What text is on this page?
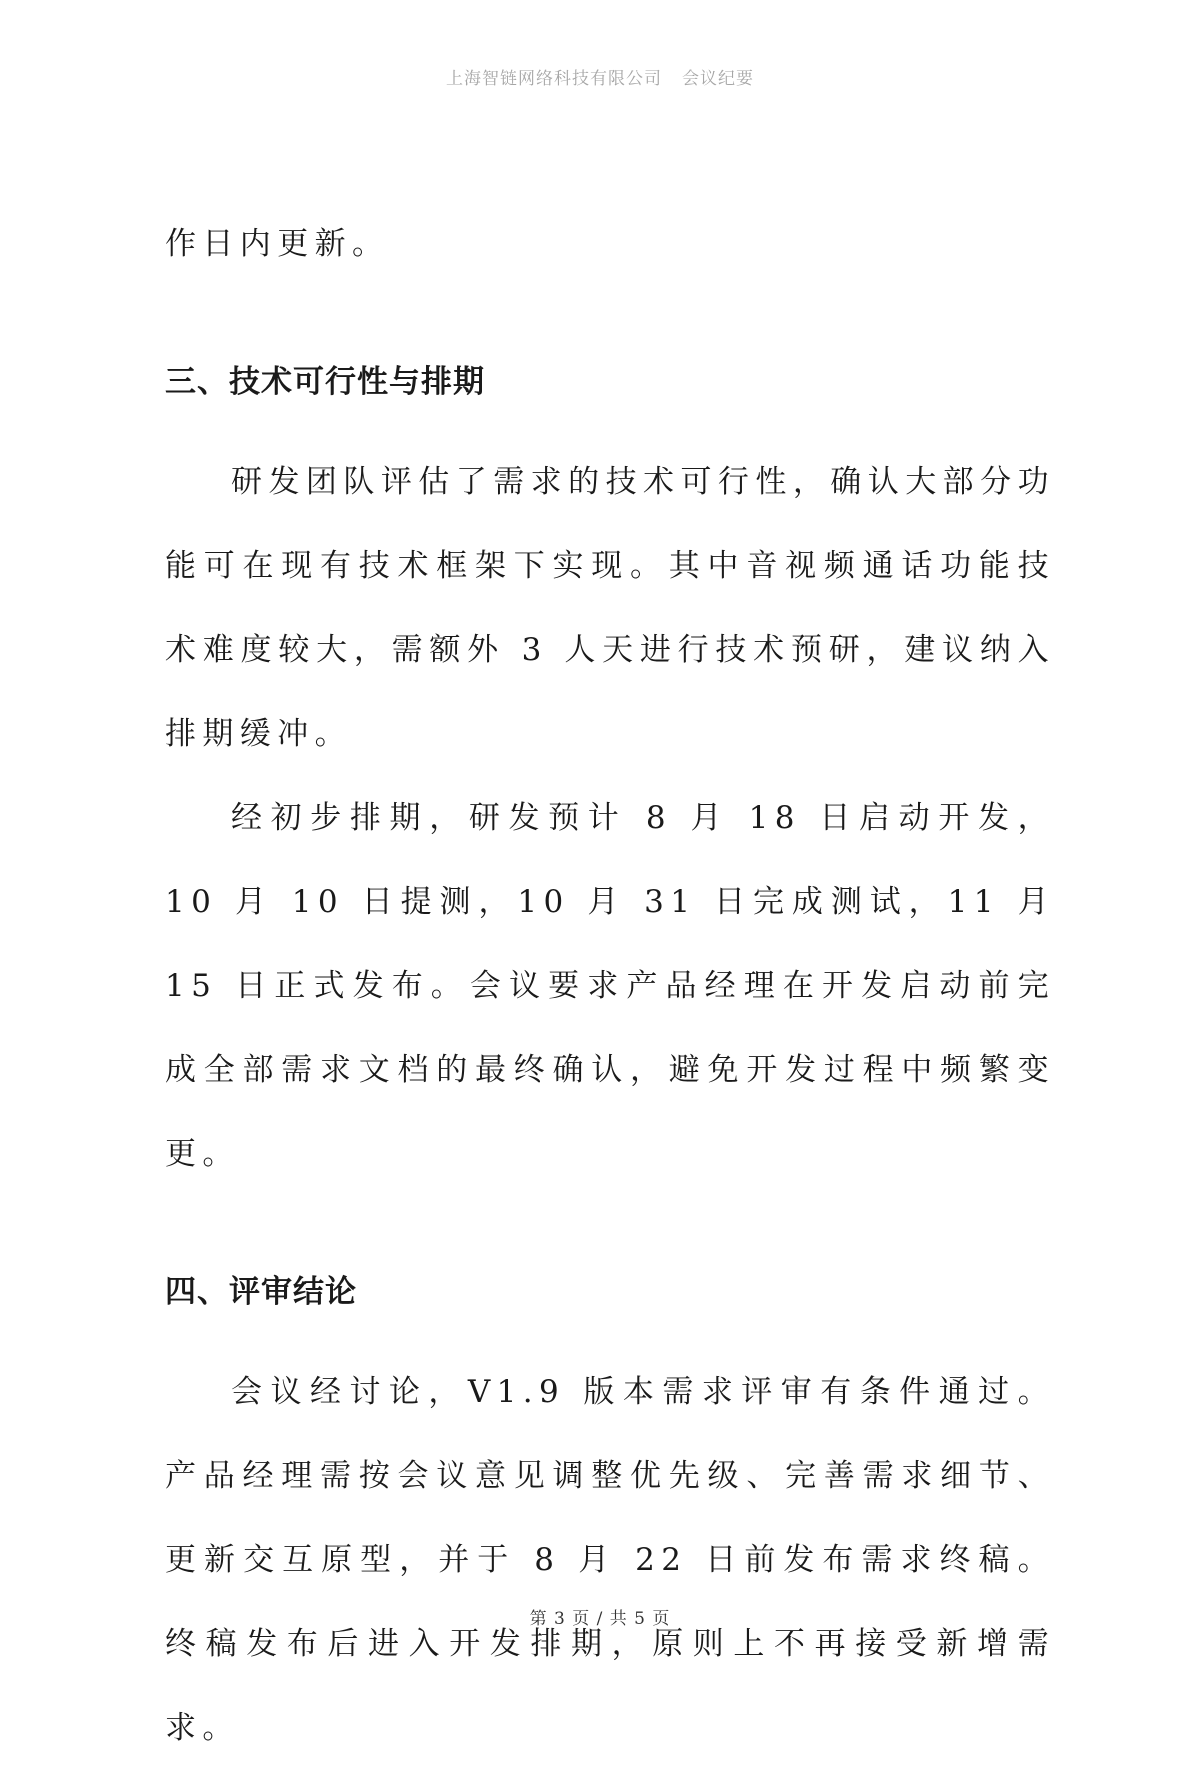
上海智链网络科技有限公司 会议纪要

作日内更新。

三、技术可行性与排期

研发团队评估了需求的技术可行性，确认大部分功能可在现有技术框架下实现。其中音视频通话功能技术难度较大，需额外 3 人天进行技术预研，建议纳入排期缓冲。

经初步排期，研发预计 8 月 18 日启动开发，10 月 10 日提测，10 月 31 日完成测试，11 月 15 日正式发布。会议要求产品经理在开发启动前完成全部需求文档的最终确认，避免开发过程中频繁变更。

四、评审结论

会议经讨论，V1.9 版本需求评审有条件通过。产品经理需按会议意见调整优先级、完善需求细节、更新交互原型，并于 8 月 22 日前发布需求终稿。终稿发布后进入开发排期，原则上不再接受新增需求。

第 3 页 / 共 5 页
